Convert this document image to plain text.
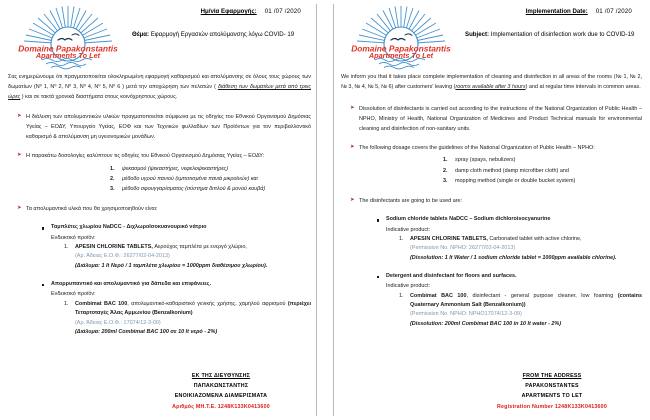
Domaine Papakonstantis
Apartments To Let
Ημ/νία Εφαρμογής: 01 /07 /2020
Θέμα: Εφαρμογή Εργασιών απολύμανσης λόγω COVID- 19

Σας ενημερώνουμε ότι πραγματοποιείται ολοκληρωμένη εφαρμογή καθαρισμού και απολύμανσης σε όλους τους χώρους των δωματίων (Ν⁰ 1, Ν⁰ 2, Ν⁰ 3, Ν⁰ 4, Ν⁰ 5, Ν⁰ 6 ) μετά την αποχώρηση των πελατών ( διάθεση των δωματίων μετά από τρεις ώρες ) και σε τακτά χρονικά διαστήματα στους κοινόχρηστους χώρους.

➤ Η διάλυση των απολυμαντικών υλικών πραγματοποιείται σύμφωνα με τις οδηγίες του Εθνικού Οργανισμού Δημόσιας Υγείας – ΕΟΔΥ, Υπουργείο Υγείας, ΕΟΦ και των Τεχνικών φυλλαδίων των Προϊόντων για τον περιβαλλοντικό καθαρισμό & απολύμανση μη υγειονομικών μονάδων.
➤ Η παρακάτω δοσολογίες καλύπτουν τις οδηγίες του Εθνικού Οργανισμού Δημόσιας Υγείας – ΕΟΔΥ:
ψεκασμού (ψεκαστήρες, νεφελοψεκαστήρες)
μέθοδο υγρού πανιού (εμποτισμένα πανιά μικροϊνών) και
μέθοδο σφουγγαρίσματος (σύστημα διπλού & μονού κουβά)
➤ Τα απολυμαντικά υλικά που θα χρησιμοποιηθούν είναι:
Ταμπλέτες χλωρίου NaDCC - Διχλωροϊσοκυανουρικό νάτριο
Ενδεικτικό προϊόν:
APESIN CHLORINE TABLETS, Αερούχος ταμπλέτα με ενεργό χλώριο,
(Αρ. Άδειας Ε.Ο.Φ.: 26277/02-04-2013)
(Διάλυμα: 1 lt Νερό / 1 ταμπλέτα χλωρίου = 1000ppm διαθέσιμου χλωρίου).
Απορρυπαντικό και απολυμαντικό για δάπεδα και επιφάνειες.
Ενδεικτικό προϊόν:
Combimat BAC 100, απολυμαντικό-καθαριστικό γενικής χρήσης, χαμηλού αφρισμού (περιέχει Τεταρτοταγές Άλας Αμμωνίου (Benzalkonium)
(Αρ. Άδειας Ε.Ο.Φ.: 17074/12-3-09)
(Διάλυμα: 200ml Combimat BAC 100 σε 10 lt νερό - 2%)
ΕΚ ΤΗΣ ΔΙΕΥΘΥΝΣΗΣ
ΠΑΠΑΚΩΝΣΤΑΝΤΗΣ
ΕΝΟΙΚΙΑΖΟΜΕΝΑ ΔΙΑΜΕΡΙΣΜΑΤΑ
Αριθμός ΜΗ.Τ.Ε. 1248K133K0413600
Domaine Papakonstantis
Apartments To Let
Implementation Date: 01 /07 /2020
Subject: Implementation of disinfection work due to COVID-19

We inform you that it takes place complete implementation of cleaning and disinfection in all areas of the rooms (№ 1, № 2, № 3, № 4, № 5, № 6) after customers' leaving (rooms available after 3 hours) and at regular time intervals in common areas.

➤ Dissolution of disinfectants is carried out according to the instructions of the National Organization of Public Health – NPHO, Ministry of Health, National Organization of Medicines and Product Technical manuals for environmental cleaning and disinfection of non-sanitary units.
➤ The following dosage covers the guidelines of the National Organization of Public Health – NPHO:
spray (spays, nebulizers)
damp cloth method (damp microfiber cloth) and
mopping method (single or double bucket system)
➤ The disinfectants are going to be used are:
Sodium chloride tablets NaDCC – Sodium dichloroisocyanurine
Indicative product:
APESIN CHLORINE TABLETS, Carbonated tablet with active chlorine,
(Permission No. NPHO: 26277/02-04-2013)
(Dissolution: 1 lt Water / 1 sodium chloride tablet = 1000ppm available chlorine).
Detergent and disinfectant for floors and surfaces.
Indicative product:
Combimat BAC 100, disinfectant - general purpose cleaner, low foaming (contains Quaternary Ammonium Salt (Benzalkonium))
(Permission No. NPHO: NPHO17074/12-3-09)
(Dissolution: 200ml Combimat BAC 100 in 10 lt water - 2%)
FROM THE ADDRESS
PAPAKONSTANTES
APARTMENTS TO LET
Registration Number 1248K133K0413600
